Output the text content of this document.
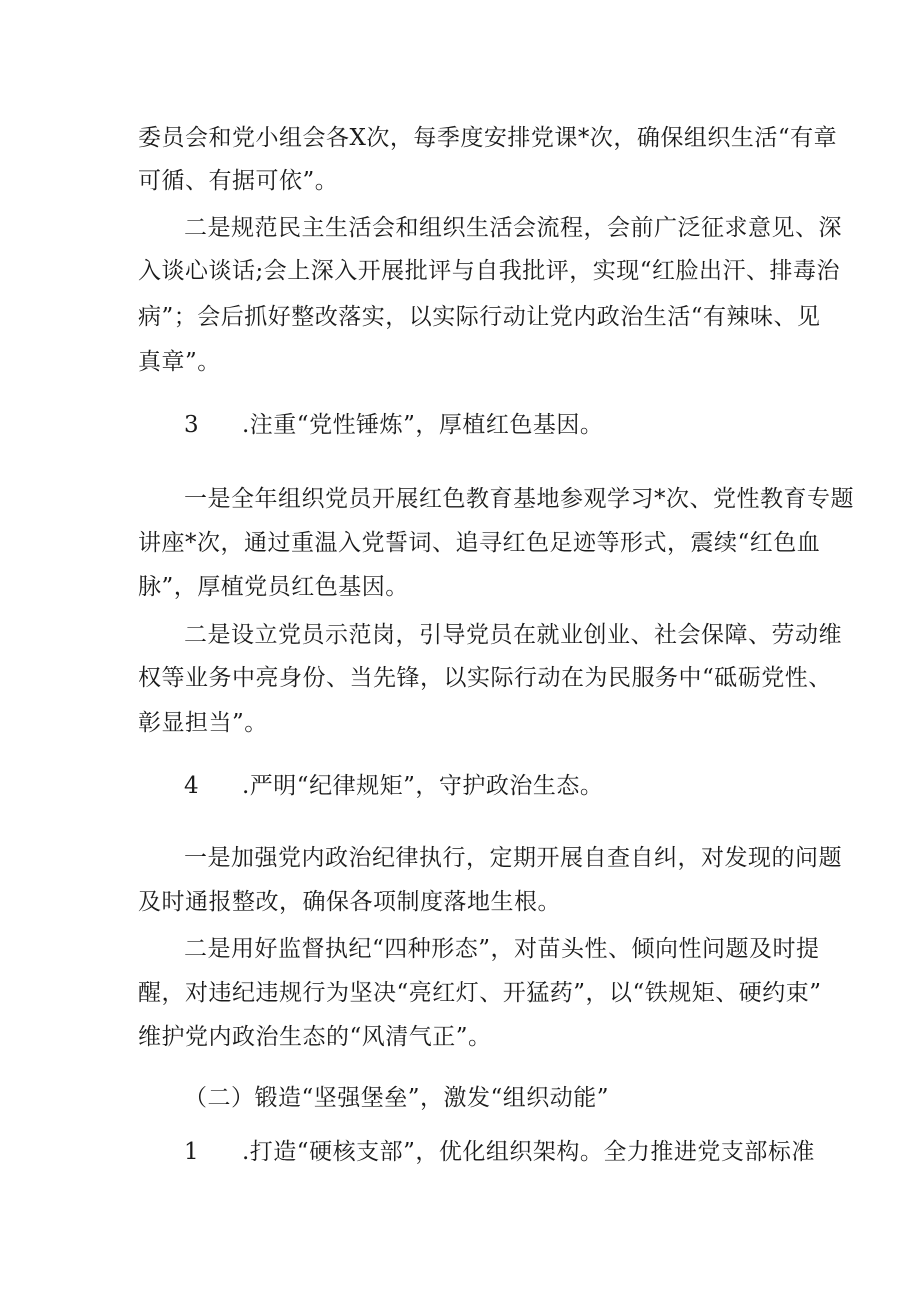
委员会和党小组会各X次，每季度安排党课*次，确保组织生活“有章
可循、有据可依”。
二是规范民主生活会和组织生活会流程，会前广泛征求意见、深
入谈心谈话;会上深入开展批评与自我批评，实现“红脸出汗、排毒治
病”；会后抓好整改落实，以实际行动让党内政治生活“有辣味、见
真章”。
3 .注重“党性锤炼”，厚植红色基因。
一是全年组织党员开展红色教育基地参观学习*次、党性教育专题
讲座*次，通过重温入党誓词、追寻红色足迹等形式，震续“红色血
脉”，厚植党员红色基因。
二是设立党员示范岗，引导党员在就业创业、社会保障、劳动维
权等业务中亮身份、当先锋，以实际行动在为民服务中“砥砺党性、
彰显担当”。
4 .严明“纪律规矩”，守护政治生态。
一是加强党内政治纪律执行，定期开展自查自纠，对发现的问题
及时通报整改，确保各项制度落地生根。
二是用好监督执纪“四种形态”，对苗头性、倾向性问题及时提
醒，对违纪违规行为坚决“亮红灯、开猛药”，以“铁规矩、硬约束”
维护党内政治生态的“风清气正”。
（二）锻造“坚强堡垒”，激发“组织动能”
1 .打造“硬核支部”，优化组织架构。全力推进党支部标准
